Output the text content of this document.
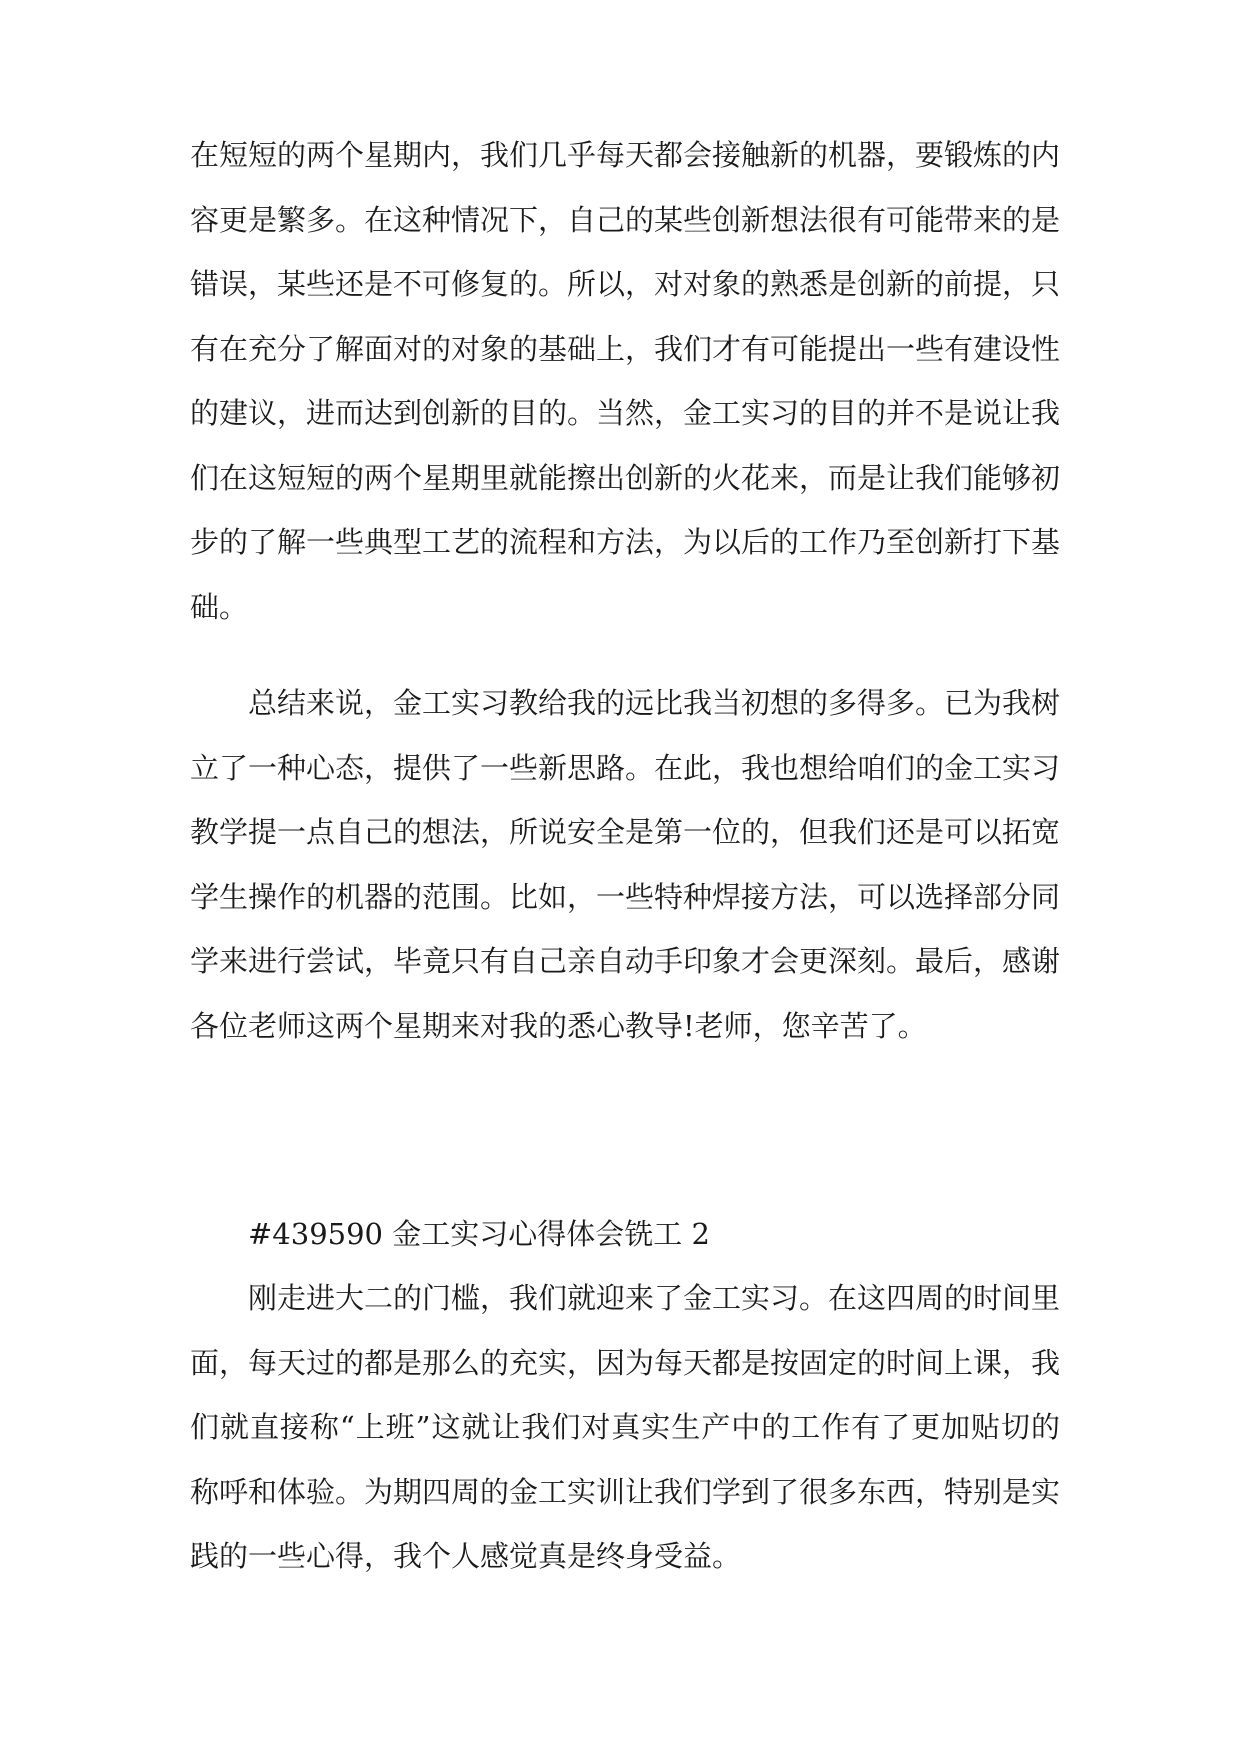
在短短的两个星期内，我们几乎每天都会接触新的机器，要锻炼的内
容更是繁多。在这种情况下，自己的某些创新想法很有可能带来的是
错误，某些还是不可修复的。所以，对对象的熟悉是创新的前提，只
有在充分了解面对的对象的基础上，我们才有可能提出一些有建设性
的建议，进而达到创新的目的。当然，金工实习的目的并不是说让我
们在这短短的两个星期里就能擦出创新的火花来，而是让我们能够初
步的了解一些典型工艺的流程和方法，为以后的工作乃至创新打下基
础。
总结来说，金工实习教给我的远比我当初想的多得多。已为我树
立了一种心态，提供了一些新思路。在此，我也想给咱们的金工实习
教学提一点自己的想法，所说安全是第一位的，但我们还是可以拓宽
学生操作的机器的范围。比如，一些特种焊接方法，可以选择部分同
学来进行尝试，毕竟只有自己亲自动手印象才会更深刻。最后，感谢
各位老师这两个星期来对我的悉心教导!老师，您辛苦了。
#439590 金工实习心得体会铣工 2
刚走进大二的门槛，我们就迎来了金工实习。在这四周的时间里
面，每天过的都是那么的充实，因为每天都是按固定的时间上课，我
们就直接称“上班”这就让我们对真实生产中的工作有了更加贴切的
称呼和体验。为期四周的金工实训让我们学到了很多东西，特别是实
践的一些心得，我个人感觉真是终身受益。
